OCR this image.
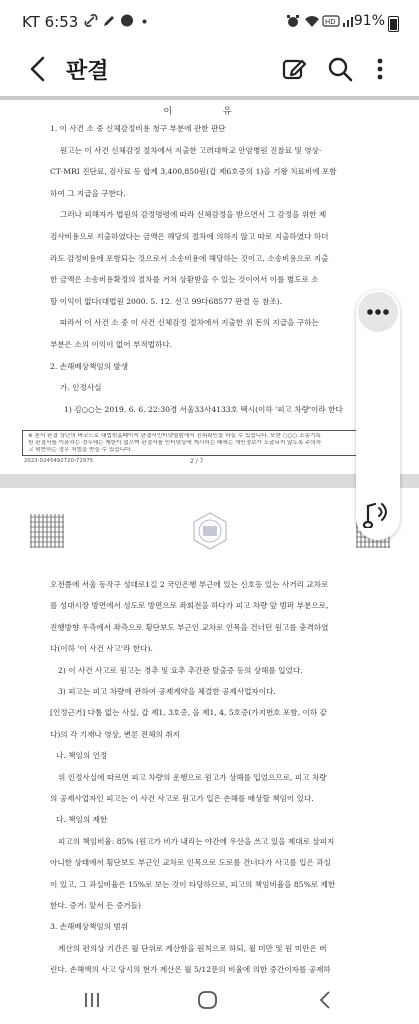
KT 6:53	HD 91%
판결
이 유
1. 이 사건 소 중 신체감정비용 청구 부분에 관한 판단
원고는 이 사건 신체감정 절차에서 지출한 고려대학교 안암병원 진찰료 및 영상·
CT·MRI 진단료, 검사료 등 합계 3,400,850원(갑 제6호증의 1)을 기왕 치료비에 포함
하여 그 지급을 구한다.
그러나 피해자가 법원의 감정명령에 따라 신체감정을 받으면서 그 감정을 위한 제
검사비용으로 지출하였다는 금액은 해당의 절차에 의하지 않고 따로 지출하였다 하더
라도 감정비용에 포함되는 것으로서 소송비용에 해당하는 것이고, 소송비용으로 지출
한 금액은 소송비용확정의 절차를 거쳐 상환받을 수 있는 것이어서 이를 별도로 소
할 이익이 없다(대법원 2000. 5. 12. 선고 99다68577 판결 등 참조).
따라서 이 사건 소 중 이 사건 신체감정 절차에서 지출한 위 돈의 지급을 구하는
부분은 소의 이익이 없어 부적법하다.
2. 손해배상책임의 발생
가. 인정사실
1) 김○○는 2019. 6. 6. 22:30경 서울33사4133호 택시(이하 '피고 차량'이라 한다
※ 본서 판결 상단의 바코드로 대법원홈페이지 판결서인터넷열람에서 진위확인을 하실 수 있습니다. 또한 ○○○ 소송기록
원 판결서를 이용하는 경우에는 제한이 없으며 판결서를 인터넷상에 게시하는 때에는 개인정보가 노출되지 않도록 주의하
고 위반하는 경우 처벌을 받을 수 있습니다.
2023-0245492720-72975	2 / 7
오전쯤에 서울 동작구 성대로1길 2 국민은행 부근에 있는 신호등 있는 사거리 교차로
를 성대시장 방면에서 성도로 방면으로 좌회전을 하다가 피고 차량 앞 범퍼 부분으로,
진행방향 우측에서 좌측으로 횡단보도 부근인 교차로 인목을 건너던 원고를 충격하였
다(이하 '이 사건 사고'라 한다).
2) 이 사건 사고로 원고는 경추 및 요추 추간판 탈출증 등의 상해를 입었다.
3) 피고는 피고 차량에 관하여 공제계약을 체결한 공제사업자이다.
[인정근거] 다툼 없는 사실, 갑 제1, 3호증, 을 제1, 4, 5호증(가지번호 포함, 이하 같
다)의 각 기재나 영상, 변론 전체의 취지
나. 책임의 인정
위 인정사실에 따르면 피고 차량의 운행으로 원고가 상해를 입었으므로, 피고 차량
의 공제사업자인 피고는 이 사건 사고로 원고가 입은 손해를 배상할 책임이 있다.
다. 책임의 제한
피고의 책임비율: 85% (원고가 비가 내리는 야간에 우산을 쓰고 있을 제대로 살피지
아니한 상태에서 횡단보도 부근인 교차로 인목으로 도로를 건너다가 사고를 입은 과실
이 있고, 그 과실비율은 15%로 보는 것이 타당하므로, 피고의 책임비율을 85%로 제한
한다. 증거: 앞서 든 증거들)
3. 손해배상책임의 범위
계산의 편의상 기간은 월 단위로 계산함을 원칙으로 하되, 월 미만 및 원 미만은 버
린다. 손해액의 사고 당시의 현가 계산은 월 5/12푼의 비율에 의한 중간이자를 공제하
